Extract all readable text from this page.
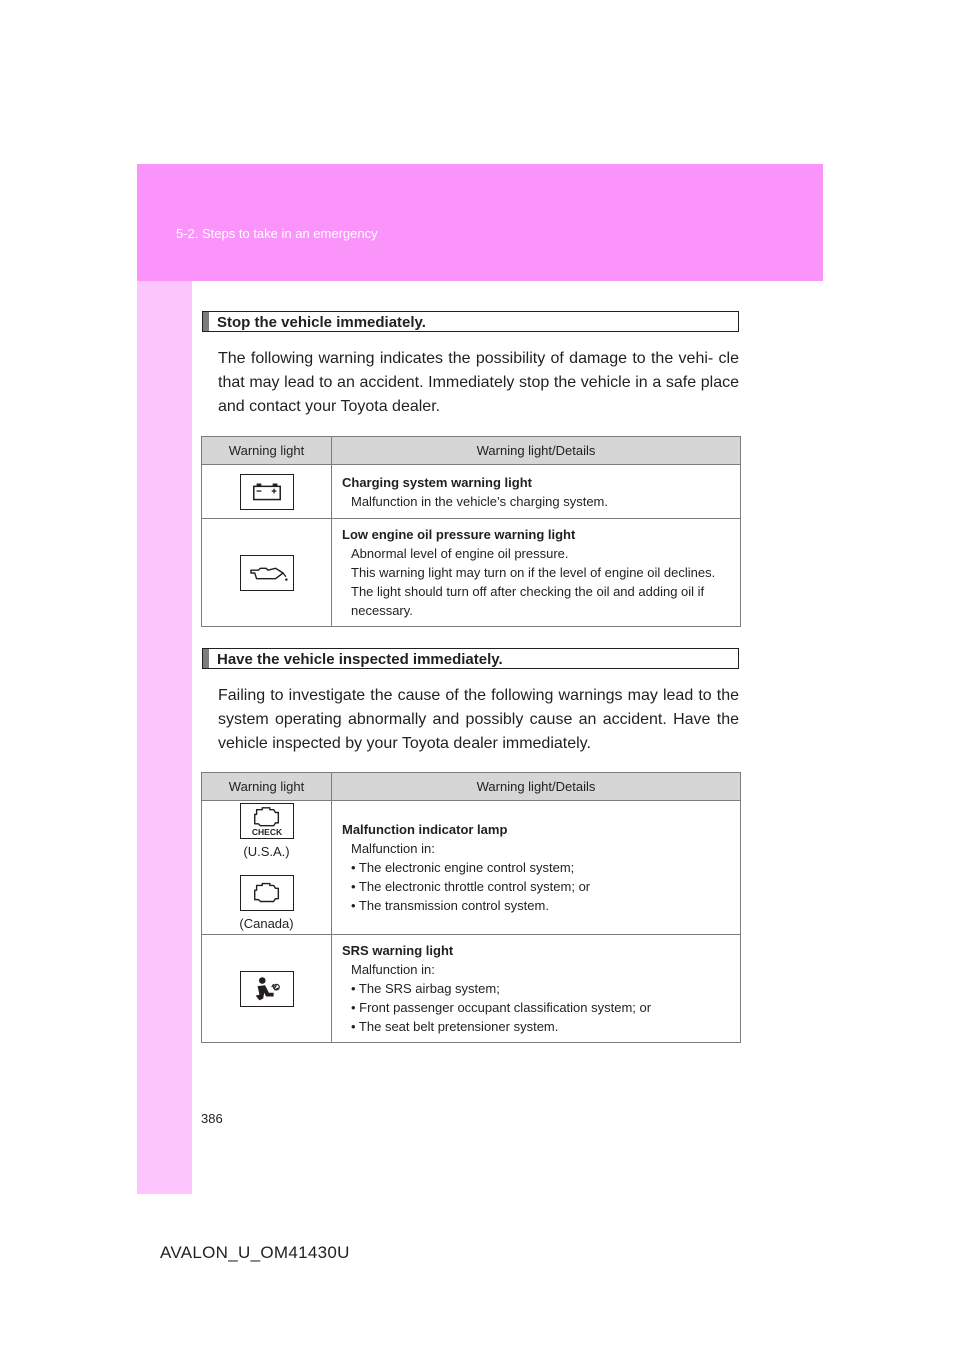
5-2. Steps to take in an emergency
Stop the vehicle immediately.
The following warning indicates the possibility of damage to the vehi- cle that may lead to an accident. Immediately stop the vehicle in a safe place and contact your Toyota dealer.
Warning light	Warning light/Details

Charging system warning light
Malfunction in the vehicle’s charging system.

Low engine oil pressure warning light
Abnormal level of engine oil pressure.
This warning light may turn on if the level of engine oil declines. The light should turn off after checking the oil and adding oil if necessary.
Have the vehicle inspected immediately.
Failing to investigate the cause of the following warnings may lead to the system operating abnormally and possibly cause an accident. Have the vehicle inspected by your Toyota dealer immediately.
Warning light	Warning light/Details

CHECK
(U.S.A.)
(Canada)	Malfunction indicator lamp
Malfunction in:
• The electronic engine control system;
• The electronic throttle control system; or
• The transmission control system.

SRS warning light
Malfunction in:
• The SRS airbag system;
• Front passenger occupant classification system; or
• The seat belt pretensioner system.
386
AVALON_U_OM41430U
